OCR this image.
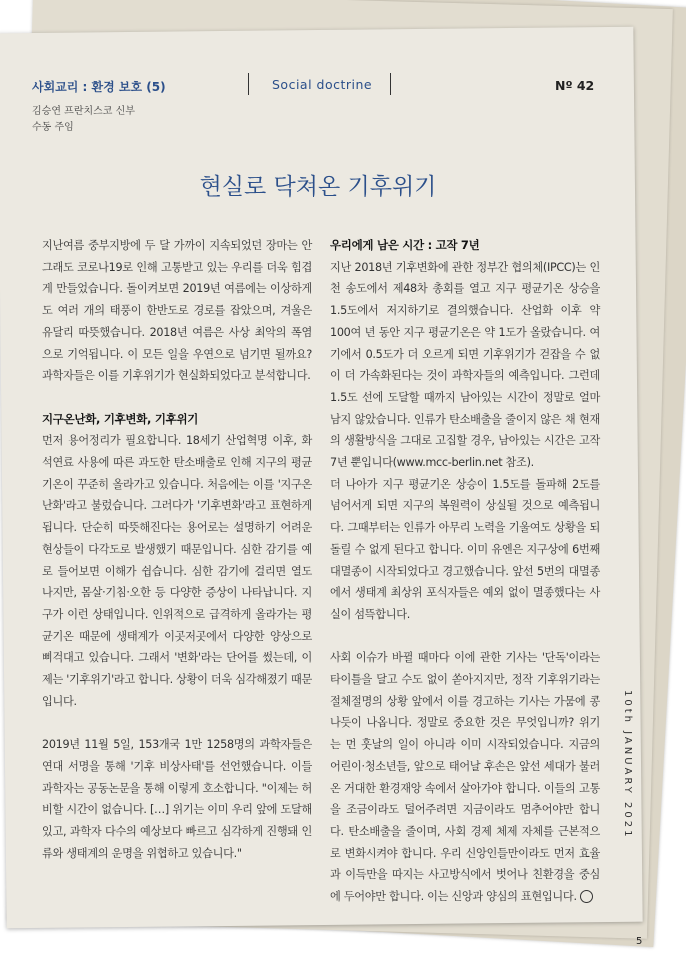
사회교리 : 환경 보호 (5)	Social doctrine	Nº 42
김승연 프란치스코 신부
수동 주임
현실로 닥쳐온 기후위기

지난여름 중부지방에 두 달 가까이 지속되었던 장마는 안 그래도 코로나19로 인해 고통받고 있는 우리를 더욱 힘겹게 만들었습니다. 돌이켜보면 2019년 여름에는 이상하게도 여러 개의 태풍이 한반도로 경로를 잡았으며, 겨울은 유달리 따뜻했습니다. 2018년 여름은 사상 최악의 폭염으로 기억됩니다. 이 모든 일을 우연으로 넘기면 될까요? 과학자들은 이를 기후위기가 현실화되었다고 분석합니다.

지구온난화, 기후변화, 기후위기

먼저 용어정리가 필요합니다. 18세기 산업혁명 이후, 화석연료 사용에 따른 과도한 탄소배출로 인해 지구의 평균기온이 꾸준히 올라가고 있습니다. 처음에는 이를 '지구온난화'라고 불렀습니다. 그러다가 '기후변화'라고 표현하게 됩니다. 단순히 따뜻해진다는 용어로는 설명하기 어려운 현상들이 다각도로 발생했기 때문입니다. 심한 감기를 예로 들어보면 이해가 쉽습니다. 심한 감기에 걸리면 열도 나지만, 몸살·기침·오한 등 다양한 증상이 나타납니다. 지구가 이런 상태입니다. 인위적으로 급격하게 올라가는 평균기온 때문에 생태계가 이곳저곳에서 다양한 양상으로 삐걱대고 있습니다. 그래서 '변화'라는 단어를 썼는데, 이제는 '기후위기'라고 합니다. 상황이 더욱 심각해졌기 때문입니다.

2019년 11월 5일, 153개국 1만 1258명의 과학자들은 연대 서명을 통해 '기후 비상사태'를 선언했습니다. 이들 과학자는 공동논문을 통해 이렇게 호소합니다. "이제는 허비할 시간이 없습니다. […] 위기는 이미 우리 앞에 도달해 있고, 과학자 다수의 예상보다 빠르고 심각하게 진행돼 인류와 생태계의 운명을 위협하고 있습니다."

우리에게 남은 시간 : 고작 7년

지난 2018년 기후변화에 관한 정부간 협의체(IPCC)는 인천 송도에서 제48차 총회를 열고 지구 평균기온 상승을 1.5도에서 저지하기로 결의했습니다. 산업화 이후 약 100여 년 동안 지구 평균기온은 약 1도가 올랐습니다. 여기에서 0.5도가 더 오르게 되면 기후위기가 걷잡을 수 없이 더 가속화된다는 것이 과학자들의 예측입니다. 그런데 1.5도 선에 도달할 때까지 남아있는 시간이 정말로 얼마 남지 않았습니다. 인류가 탄소배출을 줄이지 않은 채 현재의 생활방식을 그대로 고집할 경우, 남아있는 시간은 고작 7년 뿐입니다(www.mcc-berlin.net 참조).

더 나아가 지구 평균기온 상승이 1.5도를 돌파해 2도를 넘어서게 되면 지구의 복원력이 상실될 것으로 예측됩니다. 그때부터는 인류가 아무리 노력을 기울여도 상황을 되돌릴 수 없게 된다고 합니다. 이미 유엔은 지구상에 6번째 대멸종이 시작되었다고 경고했습니다. 앞선 5번의 대멸종에서 생태계 최상위 포식자들은 예외 없이 멸종했다는 사실이 섬뜩합니다.

사회 이슈가 바뀔 때마다 이에 관한 기사는 '단독'이라는 타이틀을 달고 수도 없이 쏟아지지만, 정작 기후위기라는 절체절명의 상황 앞에서 이를 경고하는 기사는 가뭄에 콩 나듯이 나옵니다. 정말로 중요한 것은 무엇입니까? 위기는 먼 훗날의 일이 아니라 이미 시작되었습니다. 지금의 어린이·청소년들, 앞으로 태어날 후손은 앞선 세대가 불러온 거대한 환경재앙 속에서 살아가야 합니다. 이들의 고통을 조금이라도 덜어주려면 지금이라도 멈추어야만 합니다. 탄소배출을 줄이며, 사회 경제 체제 자체를 근본적으로 변화시켜야 합니다. 우리 신앙인들만이라도 먼저 효율과 이득만을 따지는 사고방식에서 벗어나 친환경을 중심에 두어야만 합니다. 이는 신앙과 양심의 표현입니다.

10th JANUARY 2021
5
